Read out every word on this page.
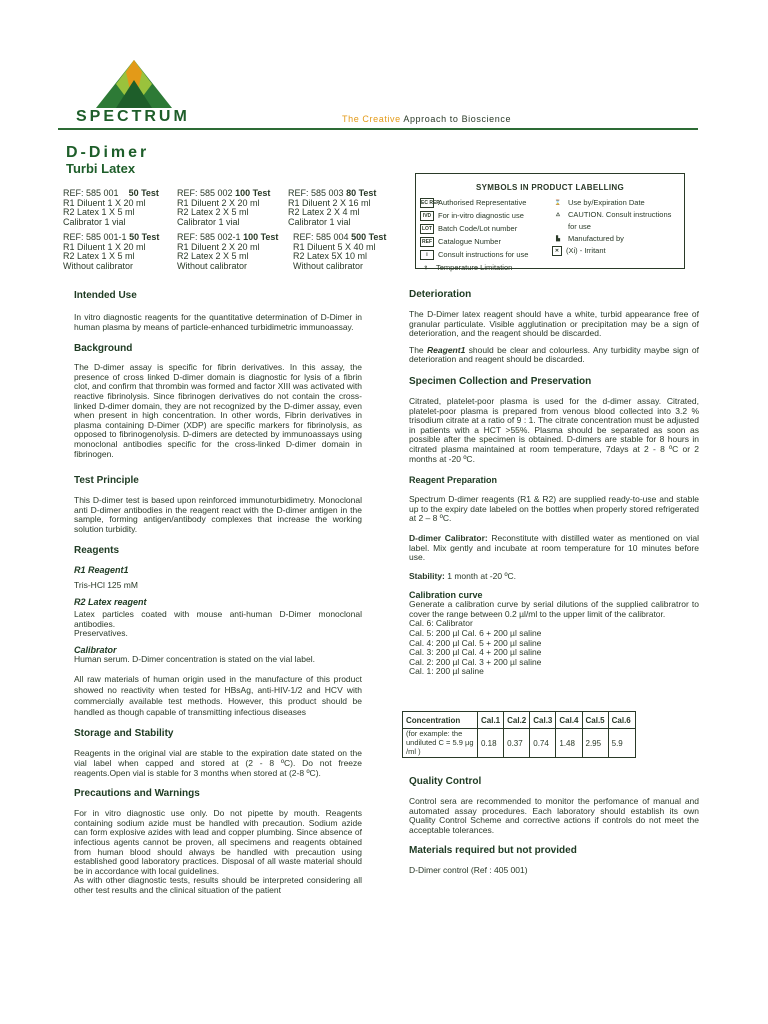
SPECTRUM	The Creative Approach to Bioscience
D-Dimer
Turbi Latex
REF: 585 001 50 Test
R1 Diluent 1 X 20 ml
R2 Latex 1 X 5 ml
Calibrator 1 vial
REF: 585 002 100 Test
R1 Diluent 2 X 20 ml
R2 Latex 2 X 5 ml
Calibrator 1 vial
REF: 585 003 80 Test
R1 Diluent 2 X 16 ml
R2 Latex 2 X 4 ml
Calibrator 1 vial
REF: 585 001-1 50 Test
R1 Diluent 1 X 20 ml
R2 Latex 1 X 5 ml
Without calibrator
REF: 585 002-1 100 Test
R1 Diluent 2 X 20 ml
R2 Latex 2 X 5 ml
Without calibrator
REF: 585 004 500 Test
R1 Diluent 5 X 40 ml
R2 Latex 5X 10 ml
Without calibrator
SYMBOLS IN PRODUCT LABELLING
EC REPAuthorised Representative
IVD For in-vitro diagnostic use
LOT Batch Code/Lot number
REF Catalogue Number
i Consult instructions for use
⫯ Temperature Limitation
⌛ Use by/Expiration Date
⚠ CAUTION. Consult instructions
for use
▙ Manufactured by
✕ (Xi) - Irritant
Intended Use
In vitro diagnostic reagents for the quantitative determination of D-Dimer in human plasma by means of particle-enhanced turbidimetric immunoassay.
Background
The D-dimer assay is specific for fibrin derivatives. In this assay, the presence of cross linked D-dimer domain is diagnostic for lysis of a fibrin clot, and confirm that thrombin was formed and factor XIII was activated with reactive fibrinolysis. Since fibrinogen derivatives do not contain the cross-linked D-dimer domain, they are not recognized by the D-dimer assay, even when present in high concentration. In other words, Fibrin derivatives in plasma containing D-Dimer (XDP) are specific markers for fibrinolysis, as opposed to fibrinogenolysis. D-dimers are detected by immunoassays using monoclonal antibodies specific for the cross-linked D-dimer domain in fibrinogen.
Test Principle
This D-dimer test is based upon reinforced immunoturbidimetry. Monoclonal anti D-dimer antibodies in the reagent react with the D-dimer antigen in the sample, forming antigen/antibody complexes that increase the working solution turbidity.
Reagents
R1 Reagent1
Tris-HCl 125 mM
R2 Latex reagent
Latex particles coated with mouse anti-human D-Dimer monoclonal antibodies.
Preservatives.
Calibrator
Human serum. D-Dimer concentration is stated on the vial label.
All raw materials of human origin used in the manufacture of this product showed no reactivity when tested for HBsAg, anti-HIV-1/2 and HCV with commercially available test methods. However, this product should be handled as though capable of transmitting infectious diseases
Storage and Stability
Reagents in the original vial are stable to the expiration date stated on the vial label when capped and stored at (2 - 8 ºC). Do not freeze reagents.Open vial is stable for 3 months when stored at (2-8 ºC).
Precautions and Warnings
For in vitro diagnostic use only. Do not pipette by mouth. Reagents containing sodium azide must be handled with precaution. Sodium azide can form explosive azides with lead and copper plumbing. Since absence of infectious agents cannot be proven, all specimens and reagents obtained from human blood should always be handled with precaution using established good laboratory practices. Disposal of all waste material should be in accordance with local guidelines.
As with other diagnostic tests, results should be interpreted considering all other test results and the clinical situation of the patient
Deterioration
The D-Dimer latex reagent should have a white, turbid appearance free of granular particulate. Visible agglutination or precipitation may be a sign of deterioration, and the reagent should be discarded.
The Reagent1 should be clear and colourless. Any turbidity maybe sign of deterioration and reagent should be discarded.
Specimen Collection and Preservation
Citrated, platelet-poor plasma is used for the d-dimer assay. Citrated, platelet-poor plasma is prepared from venous blood collected into 3.2 % trisodium citrate at a ratio of 9 : 1. The citrate concentration must be adjusted in patients with a HCT >55%. Plasma should be separated as soon as possible after the specimen is obtained. D-dimers are stable for 8 hours in citrated plasma maintained at room temperature, 7days at 2 - 8 ºC or 2 months at -20 ºC.
Reagent Preparation
Spectrum D-dimer reagents (R1 & R2) are supplied ready-to-use and stable up to the expiry date labeled on the bottles when properly stored refrigerated at 2 – 8 ºC.
D-dimer Calibrator: Reconstitute with distilled water as mentioned on vial label. Mix gently and incubate at room temperature for 10 minutes before use.
Stability: 1 month at -20 ºC.
Calibration curve
Generate a calibration curve by serial dilutions of the supplied calibratror to cover the range between 0.2 µl/ml to the upper limit of the calibrator.
Cal. 6: Calibrator
Cal. 5: 200 µl Cal. 6 + 200 µl saline
Cal. 4: 200 µl Cal. 5 + 200 µl saline
Cal. 3: 200 µl Cal. 4 + 200 µl saline
Cal. 2: 200 µl Cal. 3 + 200 µl saline
Cal. 1: 200 µl saline
Concentration	Cal.1	Cal.2	Cal.3	Cal.4	Cal.5	Cal.6
(for example: the undiluted C = 5.9 µg /ml )	0.18	0.37	0.74	1.48	2.95	5.9
Quality Control
Control sera are recommended to monitor the perfomance of manual and automated assay procedures. Each laboratory should establish its own Quality Control Scheme and corrective actions if controls do not meet the acceptable tolerances.
Materials required but not provided
D-Dimer control (Ref : 405 001)
